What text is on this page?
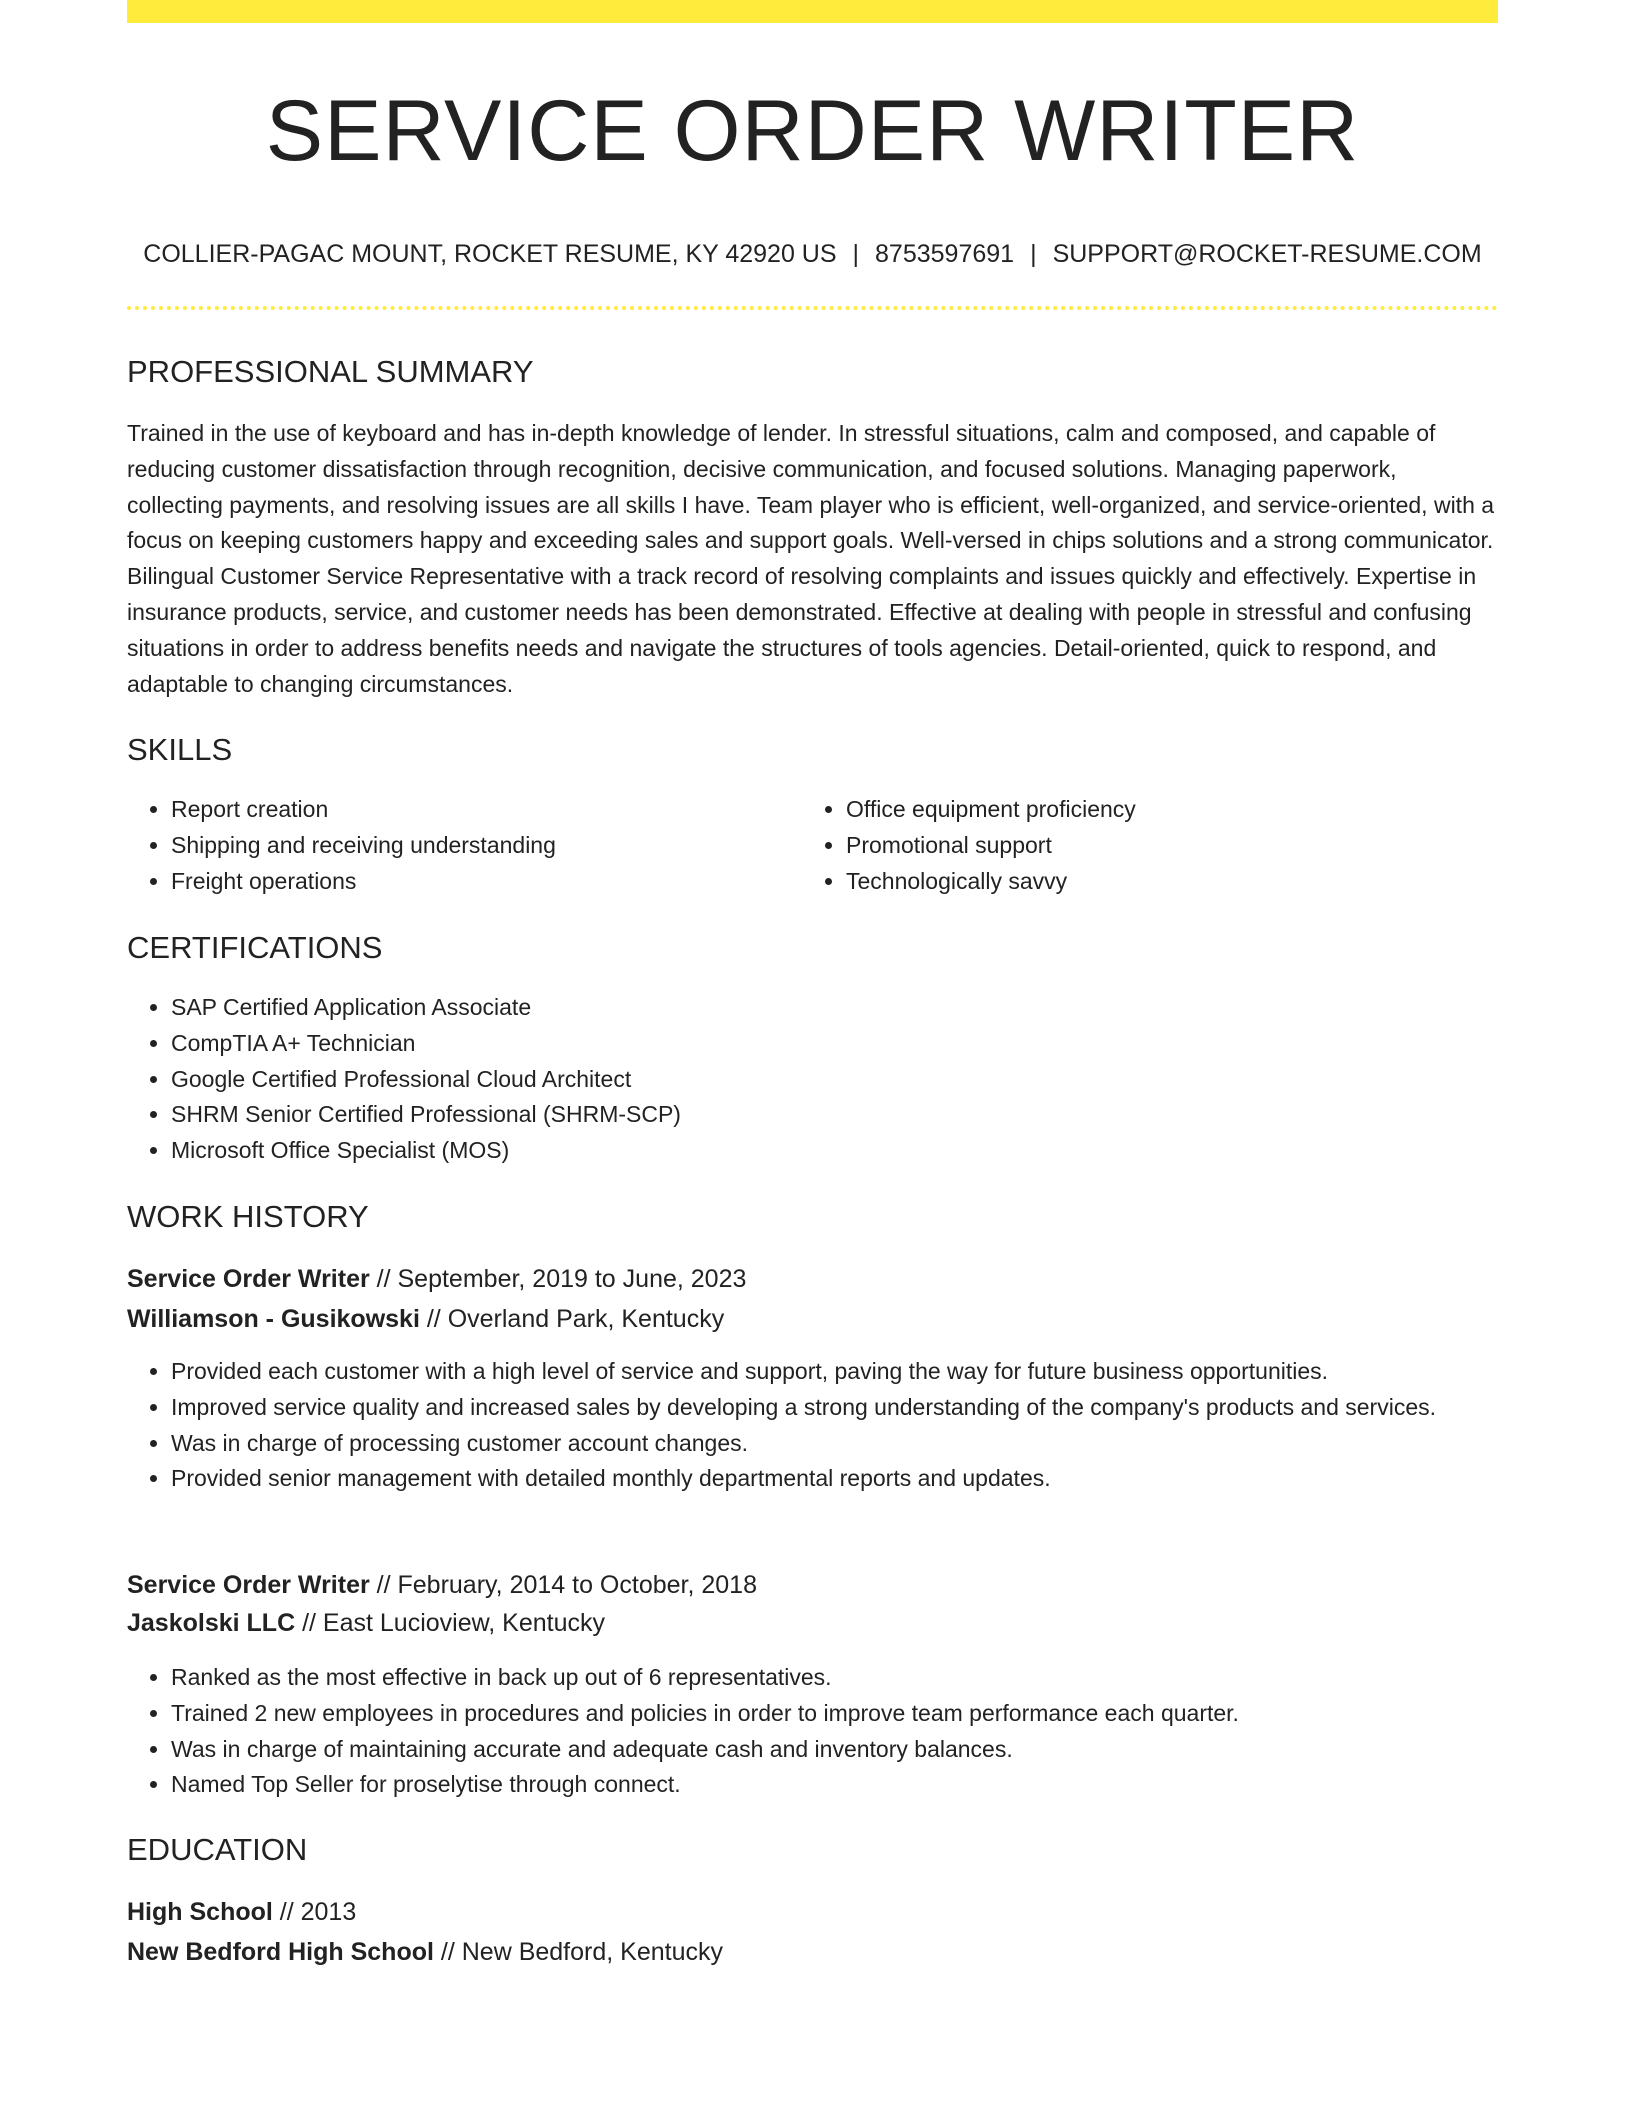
SERVICE ORDER WRITER
COLLIER-PAGAC MOUNT, ROCKET RESUME, KY 42920 US | 8753597691 | SUPPORT@ROCKET-RESUME.COM
PROFESSIONAL SUMMARY

Trained in the use of keyboard and has in-depth knowledge of lender. In stressful situations, calm and composed, and capable of reducing customer dissatisfaction through recognition, decisive communication, and focused solutions. Managing paperwork, collecting payments, and resolving issues are all skills I have. Team player who is efficient, well-organized, and service-oriented, with a focus on keeping customers happy and exceeding sales and support goals. Well-versed in chips solutions and a strong communicator. Bilingual Customer Service Representative with a track record of resolving complaints and issues quickly and effectively. Expertise in insurance products, service, and customer needs has been demonstrated. Effective at dealing with people in stressful and confusing situations in order to address benefits needs and navigate the structures of tools agencies. Detail-oriented, quick to respond, and adaptable to changing circumstances.

SKILLS
• Report creation
• Shipping and receiving understanding
• Freight operations
• Office equipment proficiency
• Promotional support
• Technologically savvy
CERTIFICATIONS
• SAP Certified Application Associate
• CompTIA A+ Technician
• Google Certified Professional Cloud Architect
• SHRM Senior Certified Professional (SHRM-SCP)
• Microsoft Office Specialist (MOS)
WORK HISTORY
Service Order Writer // September, 2019 to June, 2023
Williamson - Gusikowski // Overland Park, Kentucky
• Provided each customer with a high level of service and support, paving the way for future business opportunities.
• Improved service quality and increased sales by developing a strong understanding of the company's products and services.
• Was in charge of processing customer account changes.
• Provided senior management with detailed monthly departmental reports and updates.
Service Order Writer // February, 2014 to October, 2018
Jaskolski LLC // East Lucioview, Kentucky
• Ranked as the most effective in back up out of 6 representatives.
• Trained 2 new employees in procedures and policies in order to improve team performance each quarter.
• Was in charge of maintaining accurate and adequate cash and inventory balances.
• Named Top Seller for proselytise through connect.
EDUCATION
High School // 2013
New Bedford High School // New Bedford, Kentucky
